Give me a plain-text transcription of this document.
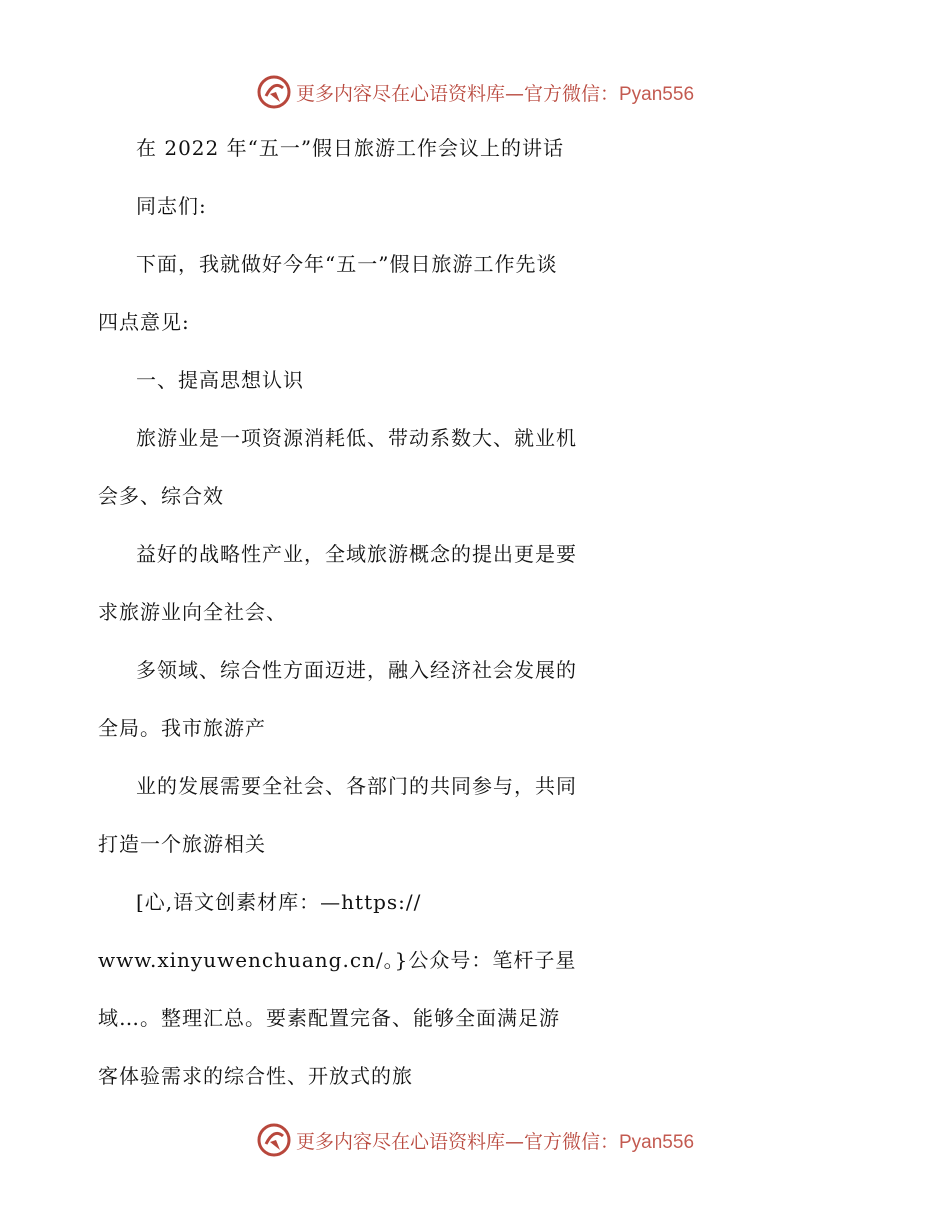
更多内容尽在心语资料库—官方微信：Pyan556
在 2022 年“五一”假日旅游工作会议上的讲话
同志们:
下面，我就做好今年“五一”假日旅游工作先谈
四点意见:
一、提高思想认识
旅游业是一项资源消耗低、带动系数大、就业机
会多、综合效
益好的战略性产业，全域旅游概念的提出更是要
求旅游业向全社会、
多领域、综合性方面迈进，融入经济社会发展的
全局。我市旅游产
业的发展需要全社会、各部门的共同参与，共同
打造一个旅游相关
[心,语文创素材库：—https://
www.xinyuwenchuang.cn/。}公众号：笔杆子星
域…。整理汇总。要素配置完备、能够全面满足游
客体验需求的综合性、开放式的旅
更多内容尽在心语资料库—官方微信：Pyan556
